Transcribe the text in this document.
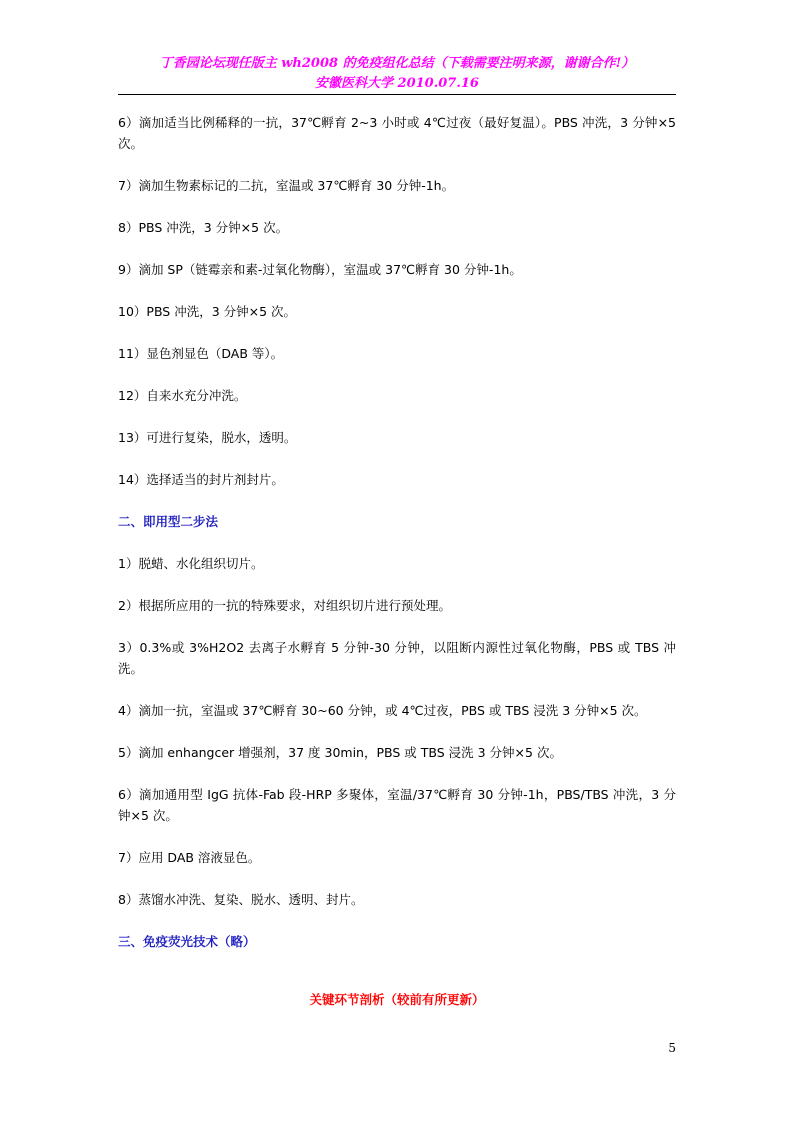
丁香园论坛现任版主 wh2008 的免疫组化总结（下载需要注明来源，谢谢合作!）
安徽医科大学 2010.07.16

6）滴加适当比例稀释的一抗，37℃孵育 2~3 小时或 4℃过夜（最好复温）。PBS 冲洗，3 分钟×5 次。

7）滴加生物素标记的二抗，室温或 37℃孵育 30 分钟-1h。

8）PBS 冲洗，3 分钟×5 次。

9）滴加 SP（链霉亲和素-过氧化物酶），室温或 37℃孵育 30 分钟-1h。

10）PBS 冲洗，3 分钟×5 次。

11）显色剂显色（DAB 等）。

12）自来水充分冲洗。

13）可进行复染，脱水，透明。

14）选择适当的封片剂封片。

二、即用型二步法

1）脱蜡、水化组织切片。

2）根据所应用的一抗的特殊要求，对组织切片进行预处理。

3）0.3%或 3%H2O2 去离子水孵育 5 分钟-30 分钟，以阻断内源性过氧化物酶，PBS 或 TBS 冲洗。

4）滴加一抗，室温或 37℃孵育 30~60 分钟，或 4℃过夜，PBS 或 TBS 浸洗 3 分钟×5 次。

5）滴加 enhangcer 增强剂，37 度 30min，PBS 或 TBS 浸洗 3 分钟×5 次。

6）滴加通用型 IgG 抗体-Fab 段-HRP 多聚体，室温/37℃孵育 30 分钟-1h，PBS/TBS 冲洗，3 分钟×5 次。

7）应用 DAB 溶液显色。

8）蒸馏水冲洗、复染、脱水、透明、封片。

三、免疫荧光技术（略）

关键环节剖析（较前有所更新）
5
